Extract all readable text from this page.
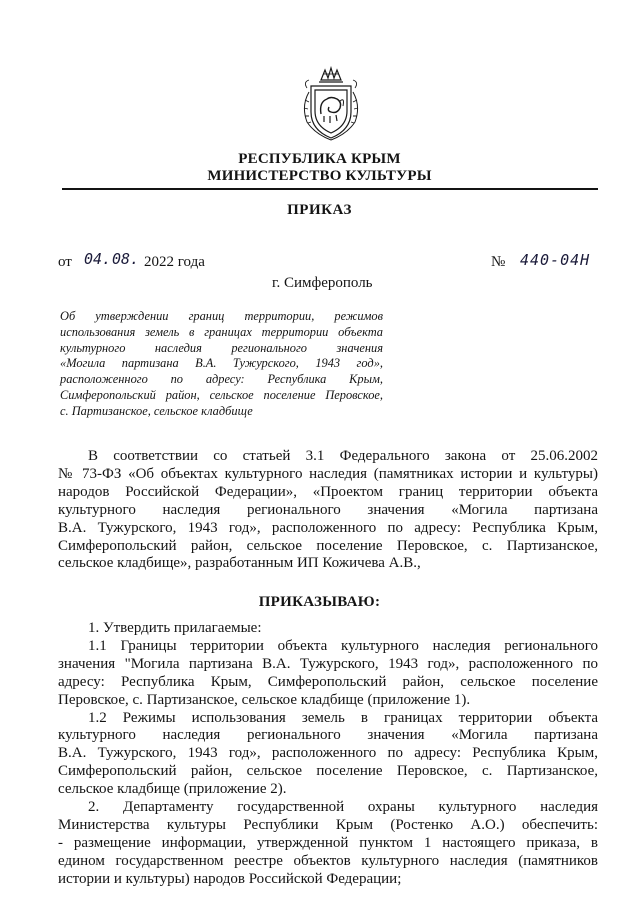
РЕСПУБЛИКА КРЫМ
МИНИСТЕРСТВО КУЛЬТУРЫ
ПРИКАЗ
от 04. 08. 2022 года	№ 440-04Н
г. Симферополь

Об утверждении границ территории, режимов

использования земель в границах территории объекта

культурного наследия регионального значения

«Могила партизана В.А. Тужурского, 1943 год»,

расположенного по адресу: Республика Крым,

Симферопольский район, сельское поселение Перовское,

с. Партизанское, сельское кладбище

В соответствии со статьей 3.1 Федерального закона от 25.06.2002

№ 73-ФЗ «Об объектах культурного наследия (памятниках истории и культуры)

народов Российской Федерации», «Проектом границ территории объекта

культурного наследия регионального значения «Могила партизана

В.А. Тужурского, 1943 год», расположенного по адресу: Республика Крым,

Симферопольский район, сельское поселение Перовское, с. Партизанское,

сельское кладбище», разработанным ИП Кожичева А.В.,

ПРИКАЗЫВАЮ:

1. Утвердить прилагаемые:

1.1 Границы территории объекта культурного наследия регионального

значения "Могила партизана В.А. Тужурского, 1943 год», расположенного по

адресу: Республика Крым, Симферопольский район, сельское поселение

Перовское, с. Партизанское, сельское кладбище (приложение 1).

1.2 Режимы использования земель в границах территории объекта

культурного наследия регионального значения «Могила партизана

В.А. Тужурского, 1943 год», расположенного по адресу: Республика Крым,

Симферопольский район, сельское поселение Перовское, с. Партизанское,

сельское кладбище (приложение 2).

2. Департаменту государственной охраны культурного наследия

Министерства культуры Республики Крым (Ростенко А.О.) обеспечить:

- размещение информации, утвержденной пунктом 1 настоящего приказа, в

едином государственном реестре объектов культурного наследия (памятников

истории и культуры) народов Российской Федерации;
